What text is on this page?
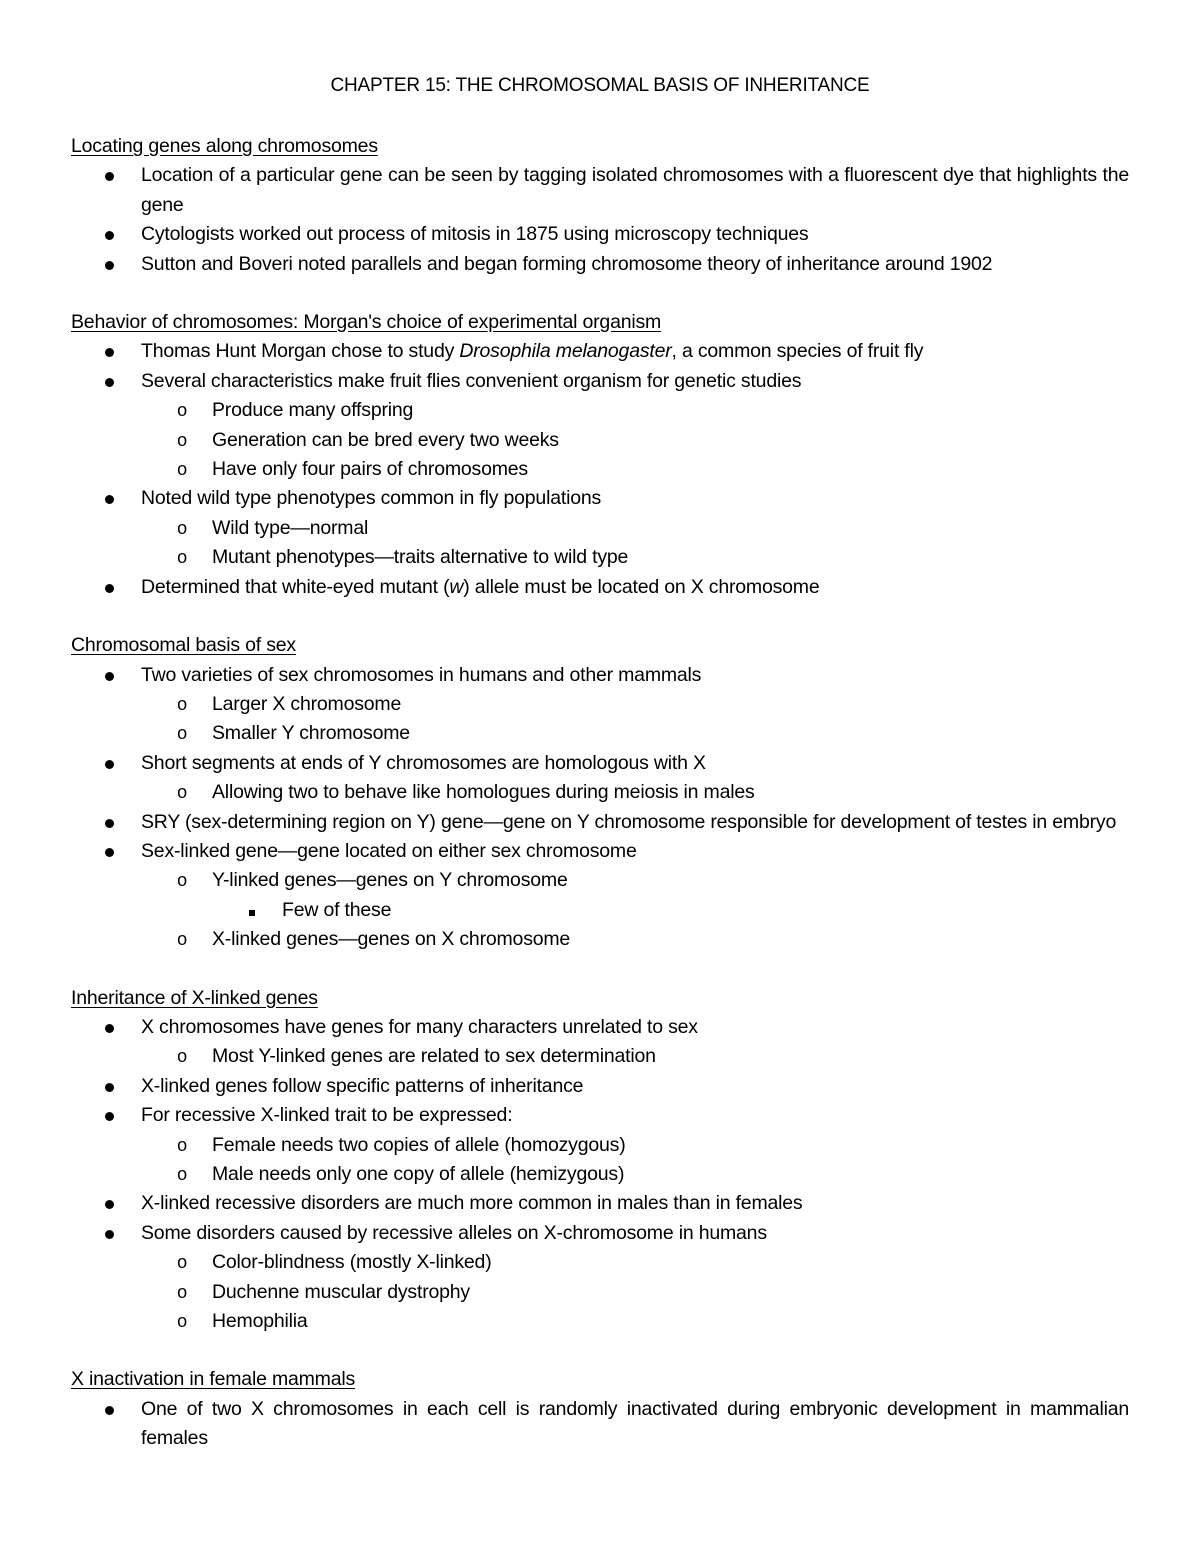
CHAPTER 15: THE CHROMOSOMAL BASIS OF INHERITANCE
Locating genes along chromosomes
Location of a particular gene can be seen by tagging isolated chromosomes with a fluorescent dye that highlights the gene
Cytologists worked out process of mitosis in 1875 using microscopy techniques
Sutton and Boveri noted parallels and began forming chromosome theory of inheritance around 1902
Behavior of chromosomes: Morgan's choice of experimental organism
Thomas Hunt Morgan chose to study Drosophila melanogaster, a common species of fruit fly
Several characteristics make fruit flies convenient organism for genetic studies
o Produce many offspring
o Generation can be bred every two weeks
o Have only four pairs of chromosomes
Noted wild type phenotypes common in fly populations
o Wild type—normal
o Mutant phenotypes—traits alternative to wild type
Determined that white-eyed mutant (w) allele must be located on X chromosome
Chromosomal basis of sex
Two varieties of sex chromosomes in humans and other mammals
o Larger X chromosome
o Smaller Y chromosome
Short segments at ends of Y chromosomes are homologous with X
o Allowing two to behave like homologues during meiosis in males
SRY (sex-determining region on Y) gene—gene on Y chromosome responsible for development of testes in embryo
Sex-linked gene—gene located on either sex chromosome
o Y-linked genes—genes on Y chromosome
Few of these
o X-linked genes—genes on X chromosome
Inheritance of X-linked genes
X chromosomes have genes for many characters unrelated to sex
o Most Y-linked genes are related to sex determination
X-linked genes follow specific patterns of inheritance
For recessive X-linked trait to be expressed:
o Female needs two copies of allele (homozygous)
o Male needs only one copy of allele (hemizygous)
X-linked recessive disorders are much more common in males than in females
Some disorders caused by recessive alleles on X-chromosome in humans
o Color-blindness (mostly X-linked)
o Duchenne muscular dystrophy
o Hemophilia
X inactivation in female mammals
One of two X chromosomes in each cell is randomly inactivated during embryonic development in mammalian females
